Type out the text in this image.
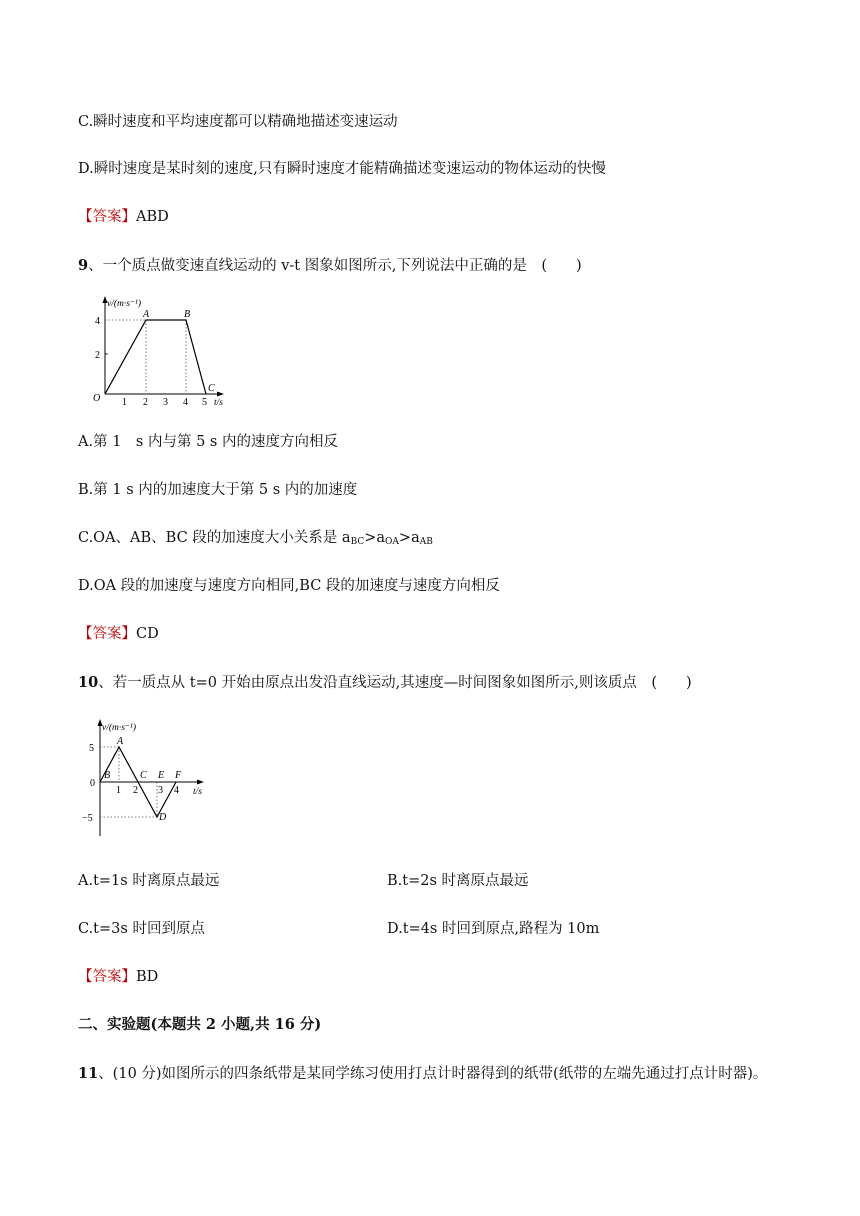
C.瞬时速度和平均速度都可以精确地描述变速运动
D.瞬时速度是某时刻的速度,只有瞬时速度才能精确描述变速运动的物体运动的快慢
【答案】ABD
9、一个质点做变速直线运动的 v-t 图象如图所示,下列说法中正确的是　(　　)
v/(m·s⁻¹)
4
2
O 1 2 3 4 5 t/s
A	B
C
A.第 1　s 内与第 5 s 内的速度方向相反
B.第 1 s 内的加速度大于第 5 s 内的加速度
C.OA、AB、BC 段的加速度大小关系是 $a_{BC}>a_{OA}>a_{AB}$
D.OA 段的加速度与速度方向相同,BC 段的加速度与速度方向相反
【答案】CD
10、若一质点从 t=0 开始由原点出发沿直线运动,其速度—时间图象如图所示,则该质点　(　　)
v/(m·s⁻¹)
5
0
−5
1 2 3 4 t/s
A
B	C
D
E F
A.t=1s 时离原点最远	B.t=2s 时离原点最远
C.t=3s 时回到原点	D.t=4s 时回到原点,路程为 10m
【答案】BD
二、实验题(本题共 2 小题,共 16 分)
11、(10 分)如图所示的四条纸带是某同学练习使用打点计时器得到的纸带(纸带的左端先通过打点计时器)。
